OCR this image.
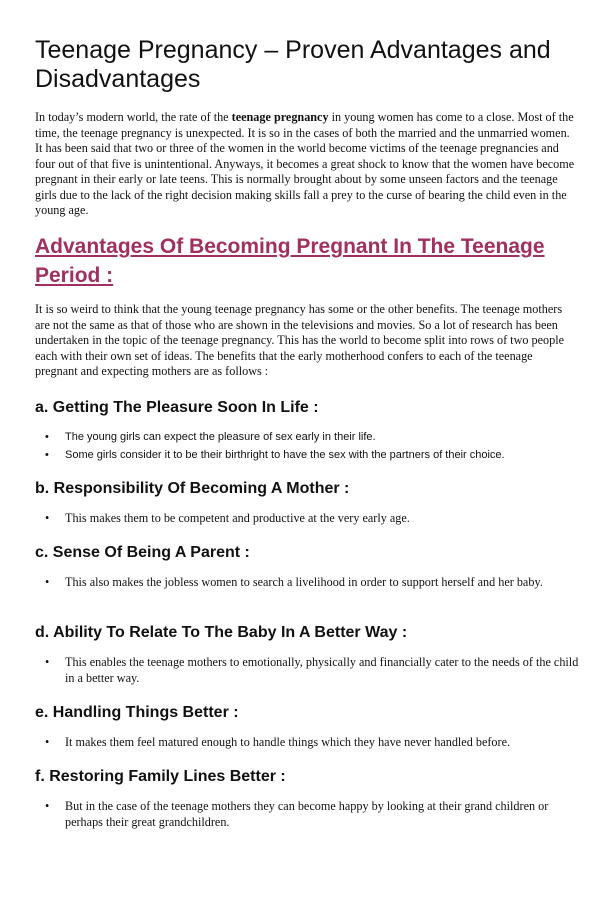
Teenage Pregnancy – Proven Advantages and Disadvantages

In today’s modern world, the rate of the teenage pregnancy in young women has come to a close. Most of the time, the teenage pregnancy is unexpected. It is so in the cases of both the married and the unmarried women. It has been said that two or three of the women in the world become victims of the teenage pregnancies and four out of that five is unintentional. Anyways, it becomes a great shock to know that the women have become pregnant in their early or late teens. This is normally brought about by some unseen factors and the teenage girls due to the lack of the right decision making skills fall a prey to the curse of bearing the child even in the young age.

Advantages Of Becoming Pregnant In The Teenage Period :

It is so weird to think that the young teenage pregnancy has some or the other benefits. The teenage mothers are not the same as that of those who are shown in the televisions and movies. So a lot of research has been undertaken in the topic of the teenage pregnancy. This has the world to become split into rows of two people each with their own set of ideas. The benefits that the early motherhood confers to each of the teenage pregnant and expecting mothers are as follows :

a. Getting The Pleasure Soon In Life :
• The young girls can expect the pleasure of sex early in their life.
• Some girls consider it to be their birthright to have the sex with the partners of their choice.
b. Responsibility Of Becoming A Mother :
• This makes them to be competent and productive at the very early age.
c. Sense Of Being A Parent :
• This also makes the jobless women to search a livelihood in order to support herself and her baby.
d. Ability To Relate To The Baby In A Better Way :
• This enables the teenage mothers to emotionally, physically and financially cater to the needs of the child in a better way.
e. Handling Things Better :
• It makes them feel matured enough to handle things which they have never handled before.
f. Restoring Family Lines Better :
• But in the case of the teenage mothers they can become happy by looking at their grand children or perhaps their great grandchildren.
